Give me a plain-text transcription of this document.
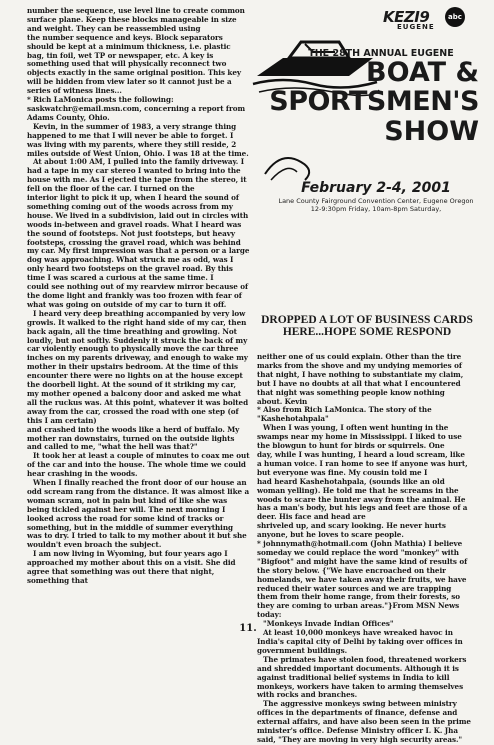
number the sequence, use level line to create common surface plane. Keep these blocks manageable in size and weight. They can be reassembled using

the number sequence and keys. Block separators should be kept at a minimum thickness, i.e. plastic bag, tin foil, wet TP or newspaper, etc. A key is something used that will physically reconnect two

objects exactly in the same original position. This key will be hidden from view later so it cannot just be a series of witness lines...

* Rich LaMonica posts the following:

saskwatchr@email.msn.com, concerning a report from Adams County, Ohio.

Kevin, in the summer of 1983, a very strange thing happened to me that I will never be able to forget. I was living with my parents, where they still reside, 2 miles outside of West Union, Ohio. I was 18 at the time.

At about 1:00 AM, I pulled into the family driveway. I had a tape in my car stereo I wanted to bring into the house with me. As I ejected the tape from the stereo, it fell on the floor of the car. I turned on the

interior light to pick it up, when I heard the sound of something coming out of the woods across from my house. We lived in a subdivision, laid out in circles with woods in-between and gravel roads. What I heard was the sound of footsteps. Not just footsteps, but heavy footsteps, crossing the gravel road, which was behind my car. My first impression was that a person or a large dog was approaching. What struck me as odd, was I only heard two footsteps on the gravel road. By this time I was scared a curious at the same time. I

could see nothing out of my rearview mirror because of the dome light and frankly was too frozen with fear of what was going on outside of my car to turn it off.

I heard very deep breathing accompanied by very low growls. It walked to the right hand side of my car, then back again, all the time breathing and growling. Not loudly, but not softly. Suddenly it struck the back of my car violently enough to physically move the car three inches on my parents driveway, and enough to wake my mother in their upstairs bedroom. At the time of this encounter there were no lights on at the house except the doorbell light. At the sound of it striking my car, my mother opened a balcony door and asked me what all the ruckus was. At this point, whatever it was bolted away from the car, crossed the road with one step (of this I am certain)

and crashed into the woods like a herd of buffalo. My mother ran downstairs, turned on the outside lights and called to me, "what the hell was that?"

It took her at least a couple of minutes to coax me out of the car and into the house. The whole time we could hear crashing in the woods.

When I finally reached the front door of our house an odd scream rang from the distance. It was almost like a woman scram, not in pain but kind of like she was being tickled against her will. The next morning I looked across the road for some kind of tracks or something, but in the middle of summer everything was to dry. I tried to talk to my mother about it but she wouldn't even broach the subject.

I am now living in Wyoming, but four years ago I approached my mother about this on a visit. She did agree that something was out there that night, something that

KEZI9	abc
EUGENE
THE 28TH ANNUAL EUGENE
BOAT &
SPORTSMEN'S
SHOW
February 2-4, 2001
Lane County Fairground Convention Center, Eugene Oregon
12-9:30pm Friday, 10am-8pm Saturday,
DROPPED A LOT OF BUSINESS CARDS HERE...HOPE SOME RESPOND

neither one of us could explain. Other than the tire marks from the shove and my undying memories of that night, I have nothing to substantiate my claim, but I have no doubts at all that what I encountered that night was something people know nothing about. Kevin

* Also from Rich LaMonica. The story of the "Kashehotahpala"

When I was young, I often went hunting in the swamps near my home in Mississippi. I liked to use the blowgun to hunt for birds or squirrels. One

day, while I was hunting, I heard a loud scream, like a human voice. I ran home to see if anyone was hurt, but everyone was fine. My cousin told me I

had heard Kashehotahpala, (sounds like an old woman yelling). He told me that he screams in the woods to scare the hunter away from the animal. He has a man's body, but his legs and feet are those of a deer. His face and head are

shriveled up, and scary looking. He never hurts anyone, but he loves to scare people.

* johnnymath@hotmail.com (John Mathia) I believe someday we could replace the word "monkey" with "Bigfoot" and might have the same kind of results of the story below. {"We have encroached on their homelands, we have taken away their fruits, we have reduced their water sources and we are trapping them from their home range, from their forests, so they are coming to urban areas."}From MSN News today:

"Monkeys Invade Indian Offices"

At least 10,000 monkeys have wreaked havoc in India's capital city of Delhi by taking over offices in government buildings.

The primates have stolen food, threatened workers and shredded important documents. Although it is against traditional belief systems in India to kill monkeys, workers have taken to arming themselves with rocks and branches.

The aggressive monkeys swing between ministry offices in the departments of finance, defense and external affairs, and have also been seen in the prime

minister's office. Defense Ministry officer I. K. Jha said, "They are moving in very high security areas."

11.
